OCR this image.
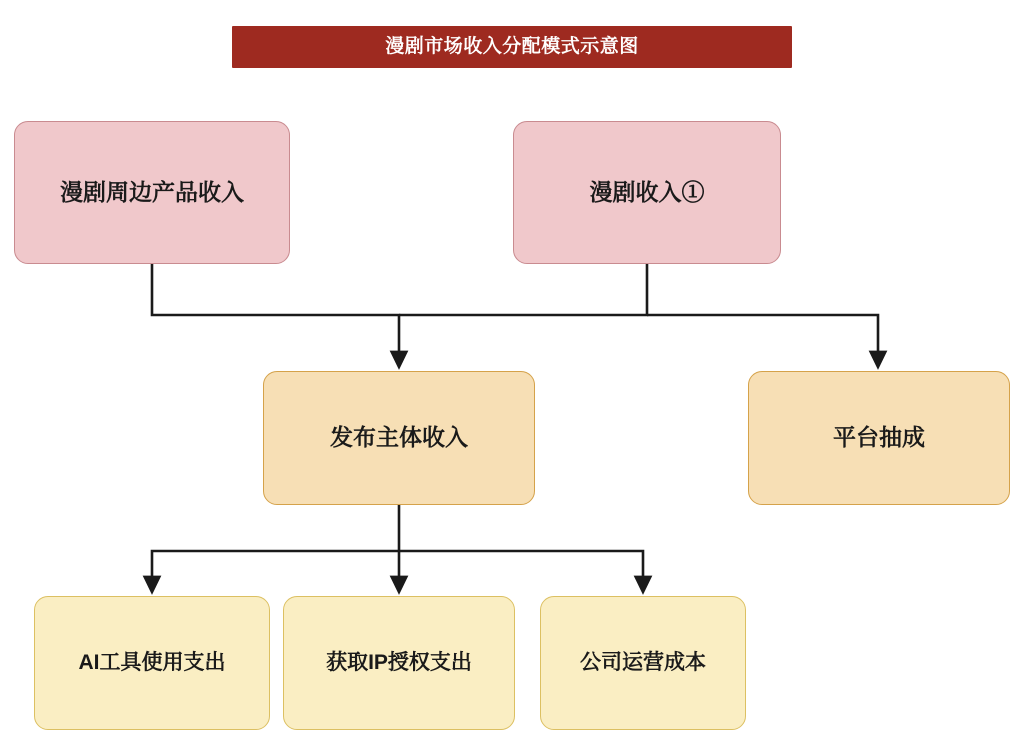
漫剧市场收入分配模式示意图
漫剧周边产品收入	漫剧收入①
发布主体收入	平台抽成
AI工具使用支出	获取IP授权支出	公司运营成本
